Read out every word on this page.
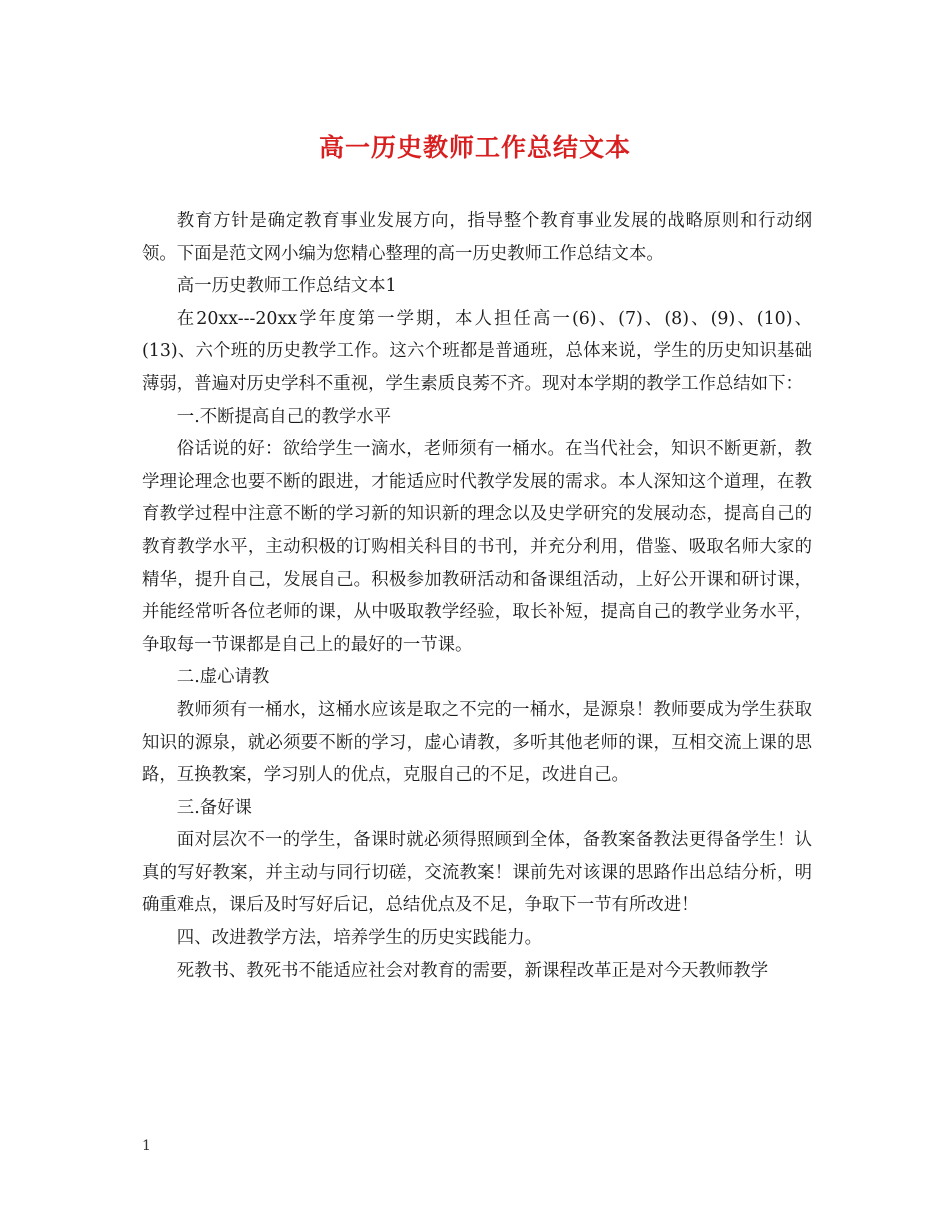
高一历史教师工作总结文本

教育方针是确定教育事业发展方向，指导整个教育事业发展的战略原则和行动纲领。下面是范文网小编为您精心整理的高一历史教师工作总结文本。

高一历史教师工作总结文本1

在20xx---20xx学年度第一学期，本人担任高一(6)、(7)、(8)、(9)、(10)、(13)、六个班的历史教学工作。这六个班都是普通班，总体来说，学生的历史知识基础薄弱，普遍对历史学科不重视，学生素质良莠不齐。现对本学期的教学工作总结如下：

一.不断提高自己的教学水平

俗话说的好：欲给学生一滴水，老师须有一桶水。在当代社会，知识不断更新，教学理论理念也要不断的跟进，才能适应时代教学发展的需求。本人深知这个道理，在教育教学过程中注意不断的学习新的知识新的理念以及史学研究的发展动态，提高自己的教育教学水平，主动积极的订购相关科目的书刊，并充分利用，借鉴、吸取名师大家的精华，提升自己，发展自己。积极参加教研活动和备课组活动，上好公开课和研讨课，并能经常听各位老师的课，从中吸取教学经验，取长补短，提高自己的教学业务水平，争取每一节课都是自己上的最好的一节课。

二.虚心请教

教师须有一桶水，这桶水应该是取之不完的一桶水，是源泉！教师要成为学生获取知识的源泉，就必须要不断的学习，虚心请教，多听其他老师的课，互相交流上课的思路，互换教案，学习别人的优点，克服自己的不足，改进自己。

三.备好课

面对层次不一的学生，备课时就必须得照顾到全体，备教案备教法更得备学生！认真的写好教案，并主动与同行切磋，交流教案！课前先对该课的思路作出总结分析，明确重难点，课后及时写好后记，总结优点及不足，争取下一节有所改进！

四、改进教学方法，培养学生的历史实践能力。

死教书、教死书不能适应社会对教育的需要，新课程改革正是对今天教师教学

1
